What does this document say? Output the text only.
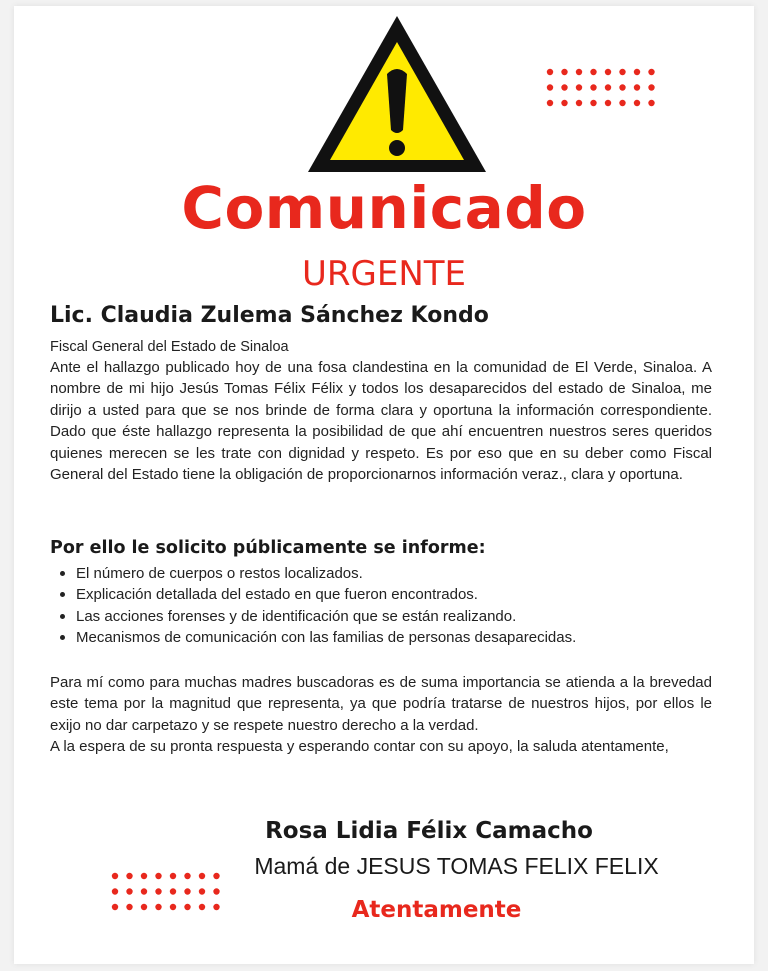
Comunicado
URGENTE
Lic. Claudia Zulema Sánchez Kondo
Fiscal General del Estado de Sinaloa

Ante el hallazgo publicado hoy de una fosa clandestina en la comunidad de El Verde, Sinaloa. A nombre de mi hijo Jesús Tomas Félix Félix y todos los desaparecidos del estado de Sinaloa, me dirijo a usted para que se nos brinde de forma clara y oportuna la información correspondiente. Dado que éste hallazgo representa la posibilidad de que ahí encuentren nuestros seres queridos quienes merecen se les trate con dignidad y respeto. Es por eso que en su deber como Fiscal General del Estado tiene la obligación de proporcionarnos información veraz., clara y oportuna.

Por ello le solicito públicamente se informe:
El número de cuerpos o restos localizados.
Explicación detallada del estado en que fueron encontrados.
Las acciones forenses y de identificación que se están realizando.
Mecanismos de comunicación con las familias de personas desaparecidas.

Para mí como para muchas madres buscadoras es de suma importancia se atienda a la brevedad este tema por la magnitud que representa, ya que podría tratarse de nuestros hijos, por ellos le exijo no dar carpetazo y se respete nuestro derecho a la verdad.

A la espera de su pronta respuesta y esperando contar con su apoyo, la saluda atentamente,

Rosa Lidia Félix Camacho
Mamá de JESUS TOMAS FELIX FELIX
Atentamente
